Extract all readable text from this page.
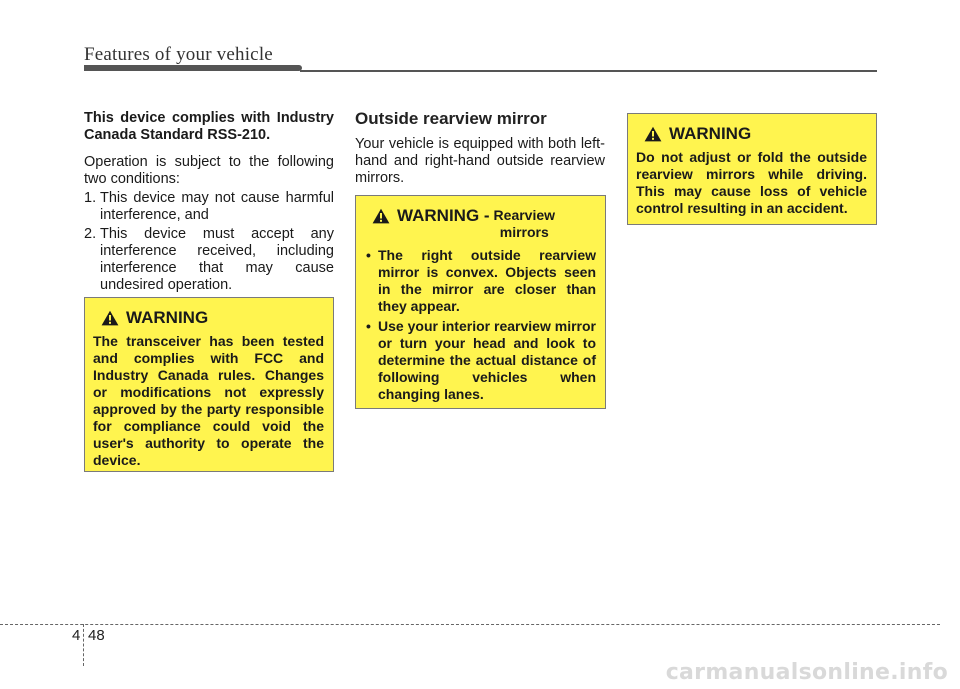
Features of your vehicle

This device complies with Industry Canada Standard RSS-210.

Operation is subject to the following two conditions:

1. This device may not cause harmful interference, and
2. This device must accept any interference received, including interference that may cause undesired operation.
WARNING
The transceiver has been tested and complies with FCC and Industry Canada rules. Changes or modifications not expressly approved by the party responsible for compliance could void the user's authority to operate the device.
Outside rearview mirror

Your vehicle is equipped with both left-hand and right-hand outside rearview mirrors.

WARNING - Rearview
mirrors
• The right outside rearview mirror is convex. Objects seen in the mirror are closer than they appear.
• Use your interior rearview mirror or turn your head and look to determine the actual distance of following vehicles when changing lanes.
WARNING
Do not adjust or fold the outside rearview mirrors while driving. This may cause loss of vehicle control resulting in an accident.
4 48
carmanualsonline.info
